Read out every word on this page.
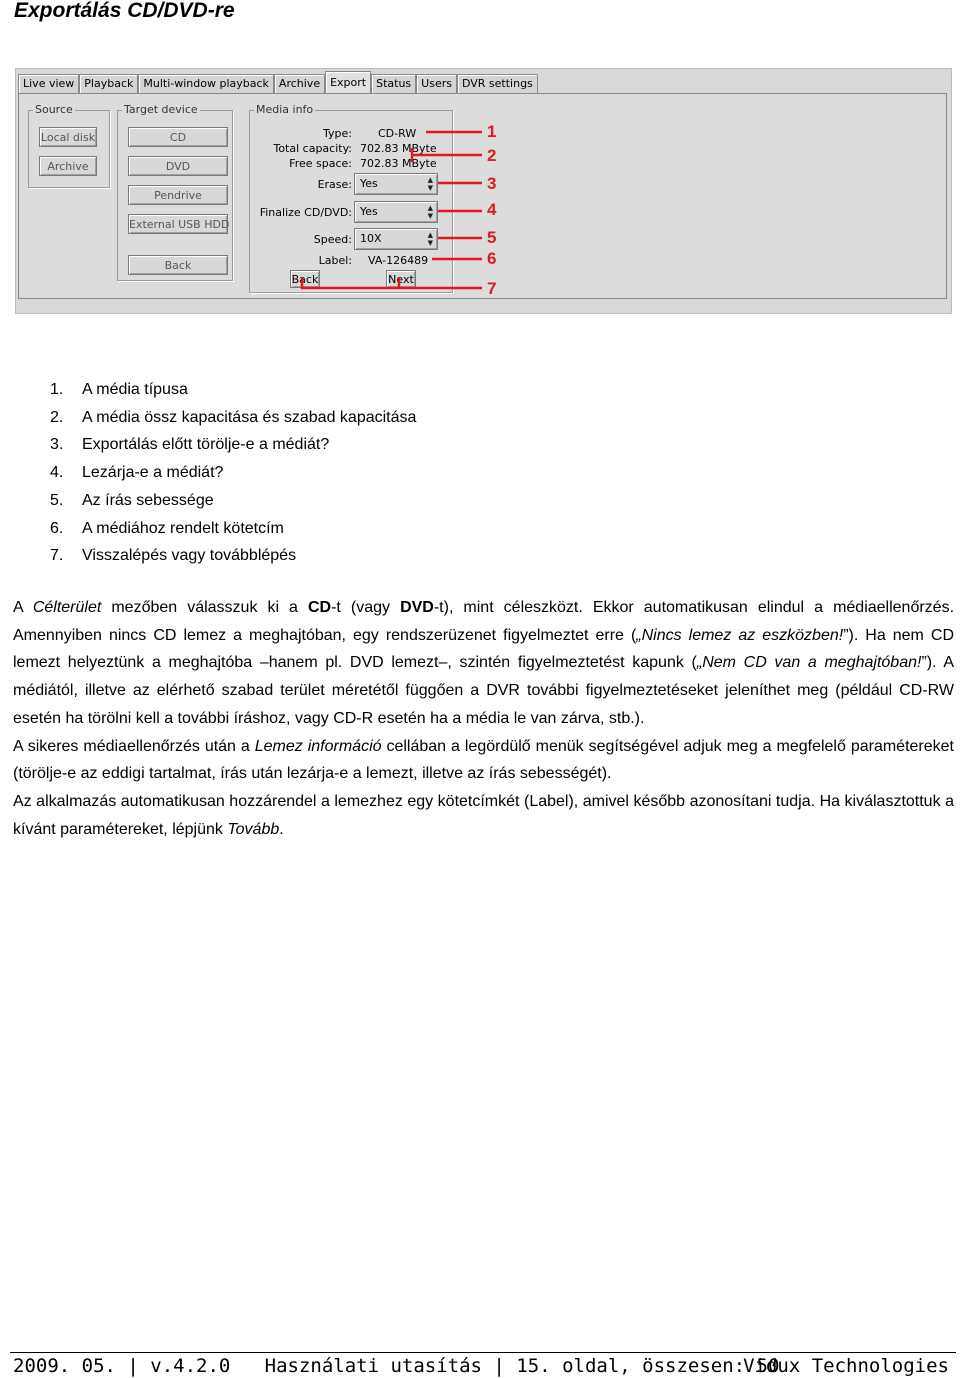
Exportálás CD/DVD-re
Live view Playback Multi-window playback Archive Export Status Users DVR settings
Source
Local disk
Archive
Target device
CD
DVD
Pendrive
External USB HDD
Back
Media info
Type: CD-RW
Total capacity: 702.83 MByte
Free space: 702.83 MByte
Erase: Yes	▲
▼
Finalize CD/DVD: Yes	▲
▼
Speed: 10X	▲
▼
Label: VA-126489
Back	Next
1
2
3
4
5
6
7
1.	A média típusa
2.	A média össz kapacitása és szabad kapacitása
3.	Exportálás előtt törölje-e a médiát?
4.	Lezárja-e a médiát?
5.	Az írás sebessége
6.	A médiához rendelt kötetcím
7.	Visszalépés vagy továbblépés

A Célterület mezőben válasszuk ki a CD-t (vagy DVD-t), mint céleszközt. Ekkor automatikusan elindul a médiaellenőrzés. Amennyiben nincs CD lemez a meghajtóban, egy rendszerüzenet figyelmeztet erre („Nincs lemez az eszközben!”). Ha nem CD lemezt helyeztünk a meghajtóba –hanem pl. DVD lemezt–, szintén figyelmeztetést kapunk („Nem CD van a meghajtóban!”). A médiától, illetve az elérhető szabad terület méretétől függően a DVR további figyelmeztetéseket jeleníthet meg (például CD-RW esetén ha törölni kell a további íráshoz, vagy CD-R esetén ha a média le van zárva, stb.).

A sikeres médiaellenőrzés után a Lemez információ cellában a legördülő menük segítségével adjuk meg a megfelelő paramétereket (törölje-e az eddigi tartalmat, írás után lezárja-e a lemezt, illetve az írás sebességét).

Az alkalmazás automatikusan hozzárendel a lemezhez egy kötetcímkét (Label), amivel később azonosítani tudja. Ha kiválasztottuk a kívánt paramétereket, lépjünk Tovább.

2009. 05. | v.4.2.0   Használati utasítás | 15. oldal, összesen: 50
Vidux Technologies
